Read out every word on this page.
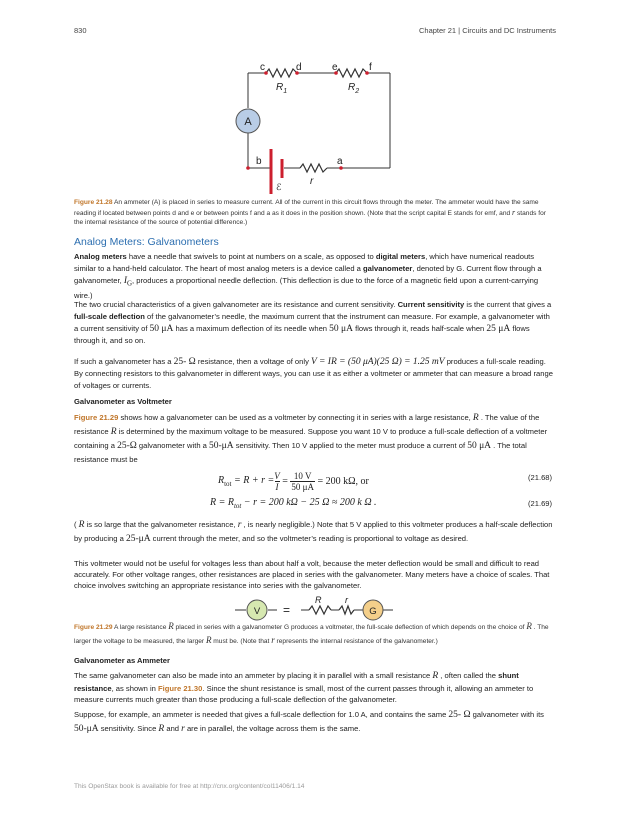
830	Chapter 21 | Circuits and DC Instruments
A
c	d	e	f
$R_1$	$R_2$
b	a
r
ℰ
Figure 21.28 An ammeter (A) is placed in series to measure current. All of the current in this circuit flows through the meter. The ammeter would have the same reading if located between points d and e or between points f and a as it does in the position shown. (Note that the script capital E stands for emf, and r stands for the internal resistance of the source of potential difference.)
Analog Meters: Galvanometers
Analog meters have a needle that swivels to point at numbers on a scale, as opposed to digital meters, which have numerical readouts similar to a hand-held calculator. The heart of most analog meters is a device called a galvanometer, denoted by G. Current flow through a galvanometer, $I_G$, produces a proportional needle deflection. (This deflection is due to the force of a magnetic field upon a current-carrying wire.)
The two crucial characteristics of a given galvanometer are its resistance and current sensitivity. Current sensitivity is the current that gives a full-scale deflection of the galvanometer’s needle, the maximum current that the instrument can measure. For example, a galvanometer with a current sensitivity of 50 μA has a maximum deflection of its needle when 50 μA flows through it, reads half-scale when 25 μA flows through it, and so on.
If such a galvanometer has a 25- Ω resistance, then a voltage of only V = IR = (50 μA)(25 Ω) = 1.25 mV produces a full-scale reading. By connecting resistors to this galvanometer in different ways, you can use it as either a voltmeter or ammeter that can measure a broad range of voltages or currents.
Galvanometer as Voltmeter
Figure 21.29 shows how a galvanometer can be used as a voltmeter by connecting it in series with a large resistance, R . The value of the resistance R is determined by the maximum voltage to be measured. Suppose you want 10 V to produce a full-scale deflection of a voltmeter containing a 25-Ω galvanometer with a 50-μA sensitivity. Then 10 V applied to the meter must produce a current of 50 μA . The total resistance must be
$R_{tot} = R + r = \frac{V}{I} = \frac{10 V}{50 \mu A} = 200$ kΩ, or	(21.68)
$R = R_{tot} - r = 200$ kΩ − 25 Ω ≈ 200 k Ω .	(21.69)
( R is so large that the galvanometer resistance, r , is nearly negligible.) Note that 5 V applied to this voltmeter produces a half-scale deflection by producing a 25-μA current through the meter, and so the voltmeter’s reading is proportional to voltage as desired.
This voltmeter would not be useful for voltages less than about half a volt, because the meter deflection would be small and difficult to read accurately. For other voltage ranges, other resistances are placed in series with the galvanometer. Many meters have a choice of scales. That choice involves switching an appropriate resistance into series with the galvanometer.
V =
R	r
G
Figure 21.29 A large resistance R placed in series with a galvanometer G produces a voltmeter, the full-scale deflection of which depends on the choice of R . The larger the voltage to be measured, the larger R must be. (Note that r represents the internal resistance of the galvanometer.)
Galvanometer as Ammeter
The same galvanometer can also be made into an ammeter by placing it in parallel with a small resistance R , often called the shunt resistance, as shown in Figure 21.30. Since the shunt resistance is small, most of the current passes through it, allowing an ammeter to measure currents much greater than those producing a full-scale deflection of the galvanometer.
Suppose, for example, an ammeter is needed that gives a full-scale deflection for 1.0 A, and contains the same 25- Ω galvanometer with its 50-μA sensitivity. Since R and r are in parallel, the voltage across them is the same.
This OpenStax book is available for free at http://cnx.org/content/col11406/1.14
